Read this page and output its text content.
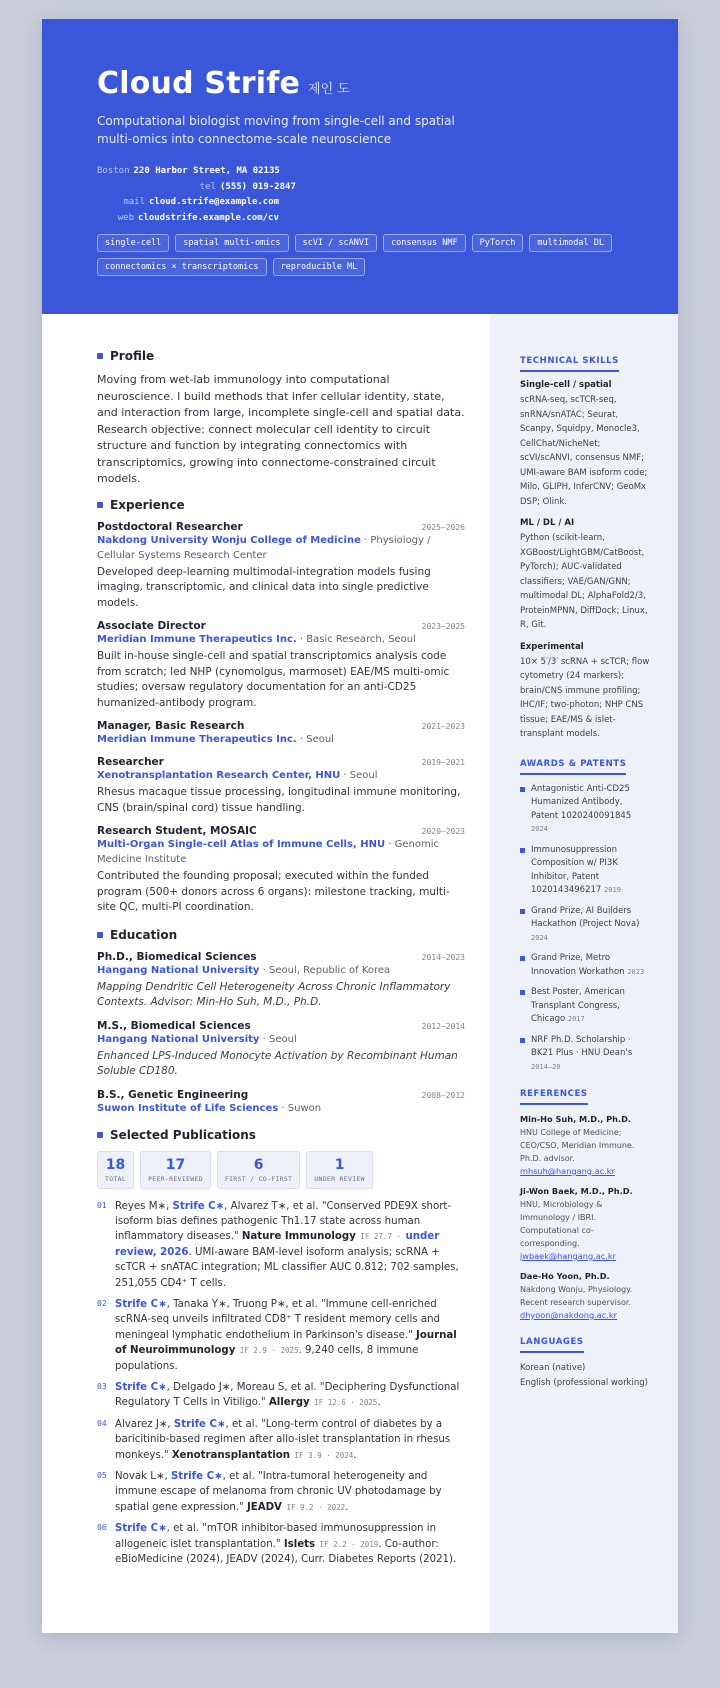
Cloud Strife 제인 도
Computational biologist moving from single-cell and spatial multi-omics into connectome-scale neuroscience
Boston 220 Harbor Street, MA 02135
tel (555) 019-2847
mail cloud.strife@example.com
web cloudstrife.example.com/cv
single-cell	spatial multi-omics	scVI / scANVI	consensus NMF	PyTorch	multimodal DL
connectomics × transcriptomics	reproducible ML
Profile
Moving from wet-lab immunology into computational neuroscience. I build methods that infer cellular identity, state, and interaction from large, incomplete single-cell and spatial data. Research objective: connect molecular cell identity to circuit structure and function by integrating connectomics with transcriptomics, growing into connectome-constrained circuit models.
Experience
Postdoctoral Researcher	2025–2026
Nakdong University Wonju College of Medicine · Physiology / Cellular Systems Research Center
Developed deep-learning multimodal-integration models fusing imaging, transcriptomic, and clinical data into single predictive models.
Associate Director	2023–2025
Meridian Immune Therapeutics Inc. · Basic Research, Seoul
Built in-house single-cell and spatial transcriptomics analysis code from scratch; led NHP (cynomolgus, marmoset) EAE/MS multi-omic studies; oversaw regulatory documentation for an anti-CD25 humanized-antibody program.
Manager, Basic Research	2021–2023
Meridian Immune Therapeutics Inc. · Seoul
Researcher	2019–2021
Xenotransplantation Research Center, HNU · Seoul
Rhesus macaque tissue processing, longitudinal immune monitoring, CNS (brain/spinal cord) tissue handling.
Research Student, MOSAIC	2020–2023
Multi-Organ Single-cell Atlas of Immune Cells, HNU · Genomic Medicine Institute
Contributed the founding proposal; executed within the funded program (500+ donors across 6 organs): milestone tracking, multi-site QC, multi-PI coordination.
Education
Ph.D., Biomedical Sciences	2014–2023
Hangang National University · Seoul, Republic of Korea
Mapping Dendritic Cell Heterogeneity Across Chronic Inflammatory Contexts. Advisor: Min-Ho Suh, M.D., Ph.D.
M.S., Biomedical Sciences	2012–2014
Hangang National University · Seoul
Enhanced LPS-Induced Monocyte Activation by Recombinant Human Soluble CD180.
B.S., Genetic Engineering	2008–2012
Suwon Institute of Life Sciences · Suwon
Selected Publications
18
TOTAL
17
PEER-REVIEWED
6
FIRST / CO-FIRST
1
UNDER REVIEW
01 Reyes M∗, Strife C∗, Alvarez T∗, et al. "Conserved PDE9X short-isoform bias defines pathogenic Th1.17 state across human inflammatory diseases." Nature Immunology IF 27.7 · under review, 2026. UMI-aware BAM-level isoform analysis; scRNA + scTCR + snATAC integration; ML classifier AUC 0.812; 702 samples, 251,055 CD4⁺ T cells.
02 Strife C∗, Tanaka Y∗, Truong P∗, et al. "Immune cell-enriched scRNA-seq unveils infiltrated CD8⁺ T resident memory cells and meningeal lymphatic endothelium in Parkinson's disease." Journal of Neuroimmunology IF 2.9 · 2025. 9,240 cells, 8 immune populations.
03 Strife C∗, Delgado J∗, Moreau S, et al. "Deciphering Dysfunctional Regulatory T Cells in Vitiligo." Allergy IF 12.6 · 2025.
04 Alvarez J∗, Strife C∗, et al. "Long-term control of diabetes by a baricitinib-based regimen after allo-islet transplantation in rhesus monkeys." Xenotransplantation IF 3.9 · 2024.
05 Novak L∗, Strife C∗, et al. "Intra-tumoral heterogeneity and immune escape of melanoma from chronic UV photodamage by spatial gene expression." JEADV IF 9.2 · 2022.
06 Strife C∗, et al. "mTOR inhibitor-based immunosuppression in allogeneic islet transplantation." Islets IF 2.2 · 2019. Co-author: eBioMedicine (2024), JEADV (2024), Curr. Diabetes Reports (2021).
TECHNICAL SKILLS
Single-cell / spatial
scRNA-seq, scTCR-seq, snRNA/snATAC; Seurat, Scanpy, Squidpy, Monocle3, CellChat/NicheNet; scVI/scANVI, consensus NMF; UMI-aware BAM isoform code; Milo, GLIPH, InferCNV; GeoMx DSP; Olink.
ML / DL / AI
Python (scikit-learn, XGBoost/LightGBM/CatBoost, PyTorch); AUC-validated classifiers; VAE/GAN/GNN; multimodal DL; AlphaFold2/3, ProteinMPNN, DiffDock; Linux, R, Git.
Experimental
10× 5′/3′ scRNA + scTCR; flow cytometry (24 markers); brain/CNS immune profiling; IHC/IF; two-photon; NHP CNS tissue; EAE/MS & islet-transplant models.
AWARDS & PATENTS
Antagonistic Anti-CD25 Humanized Antibody, Patent 1020240091845 2024
Immunosuppression Composition w/ PI3K Inhibitor, Patent 1020143496217 2019
Grand Prize, AI Builders Hackathon (Project Nova) 2024
Grand Prize, Metro Innovation Workathon 2023
Best Poster, American Transplant Congress, Chicago 2017
NRF Ph.D. Scholarship · BK21 Plus · HNU Dean's 2014–20
REFERENCES
Min-Ho Suh, M.D., Ph.D.
HNU College of Medicine; CEO/CSO, Meridian Immune. Ph.D. advisor.
mhsuh@hangang.ac.kr
Ji-Won Baek, M.D., Ph.D.
HNU, Microbiology & Immunology / IBRI. Computational co-corresponding.
jwbaek@hangang.ac.kr
Dae-Ho Yoon, Ph.D.
Nakdong Wonju, Physiology. Recent research supervisor.
dhyoon@nakdong.ac.kr
LANGUAGES
Korean (native)
English (professional working)
